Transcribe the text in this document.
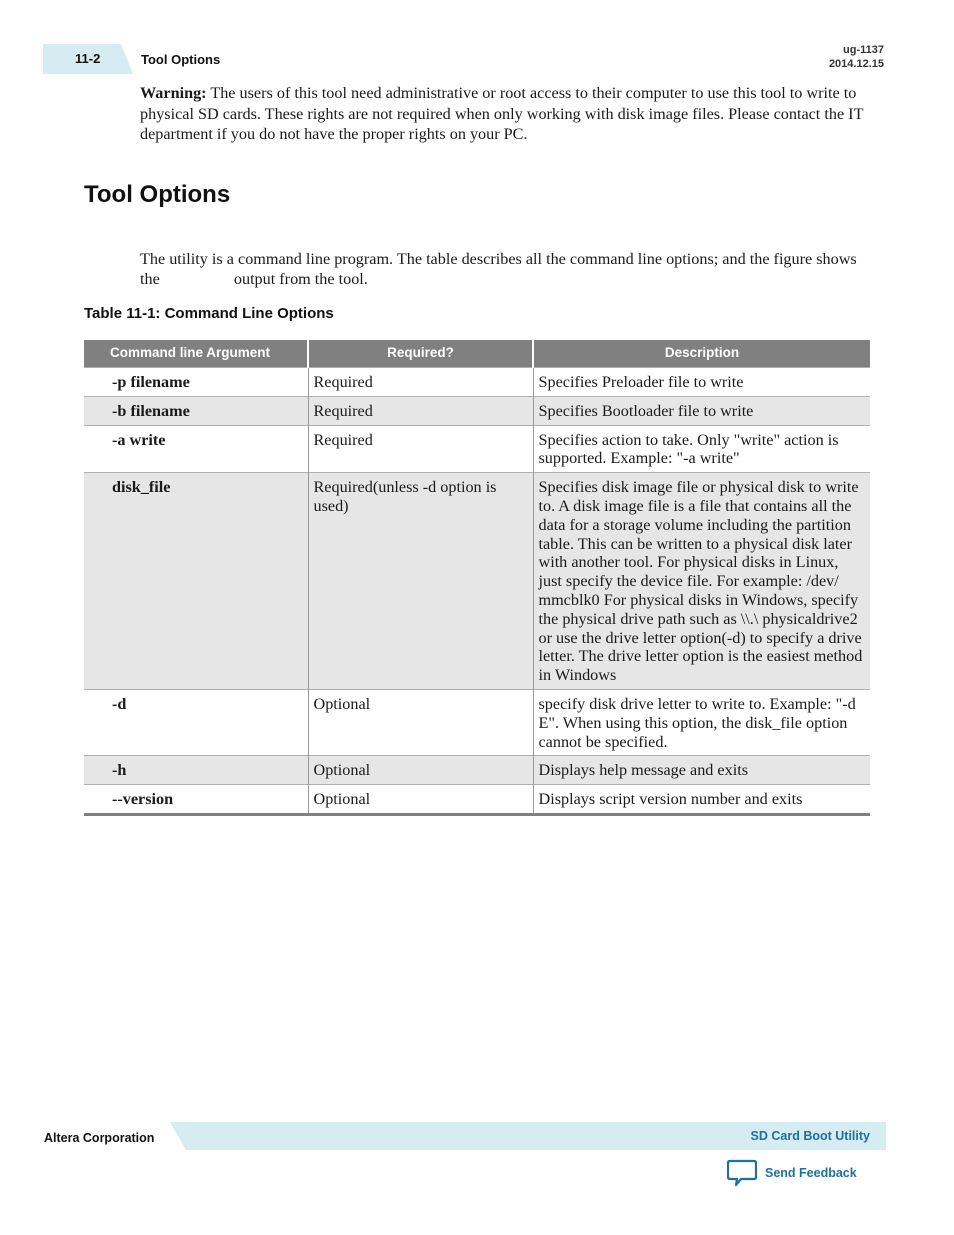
11-2	Tool Options
ug-1137
2014.12.15
Warning: The users of this tool need administrative or root access to their computer to use this tool to write to physical SD cards. These rights are not required when only working with disk image files. Please contact the IT department if you do not have the proper rights on your PC.
Tool Options
The utility is a command line program. The table describes all the command line options; and the figure shows the	output from the tool.
Table 11-1: Command Line Options
Command line Argument	Required?	Description
-p filename	Required	Specifies Preloader file to write
-b filename	Required	Specifies Bootloader file to write
-a write	Required	Specifies action to take. Only "write" action is supported. Example: "-a write"
disk_file	Required(unless -d option is used)	Specifies disk image file or physical disk to write to. A disk image file is a file that contains all the data for a storage volume including the partition table. This can be written to a physical disk later with another tool. For physical disks in Linux, just specify the device file. For example: /dev/ mmcblk0 For physical disks in Windows, specify the physical drive path such as \\.\ physicaldrive2 or use the drive letter option(-d) to specify a drive letter. The drive letter option is the easiest method in Windows
-d	Optional	specify disk drive letter to write to. Example: "-d E". When using this option, the disk_file option cannot be specified.
-h	Optional	Displays help message and exits
--version	Optional	Displays script version number and exits
Altera Corporation	SD Card Boot Utility
Send Feedback
